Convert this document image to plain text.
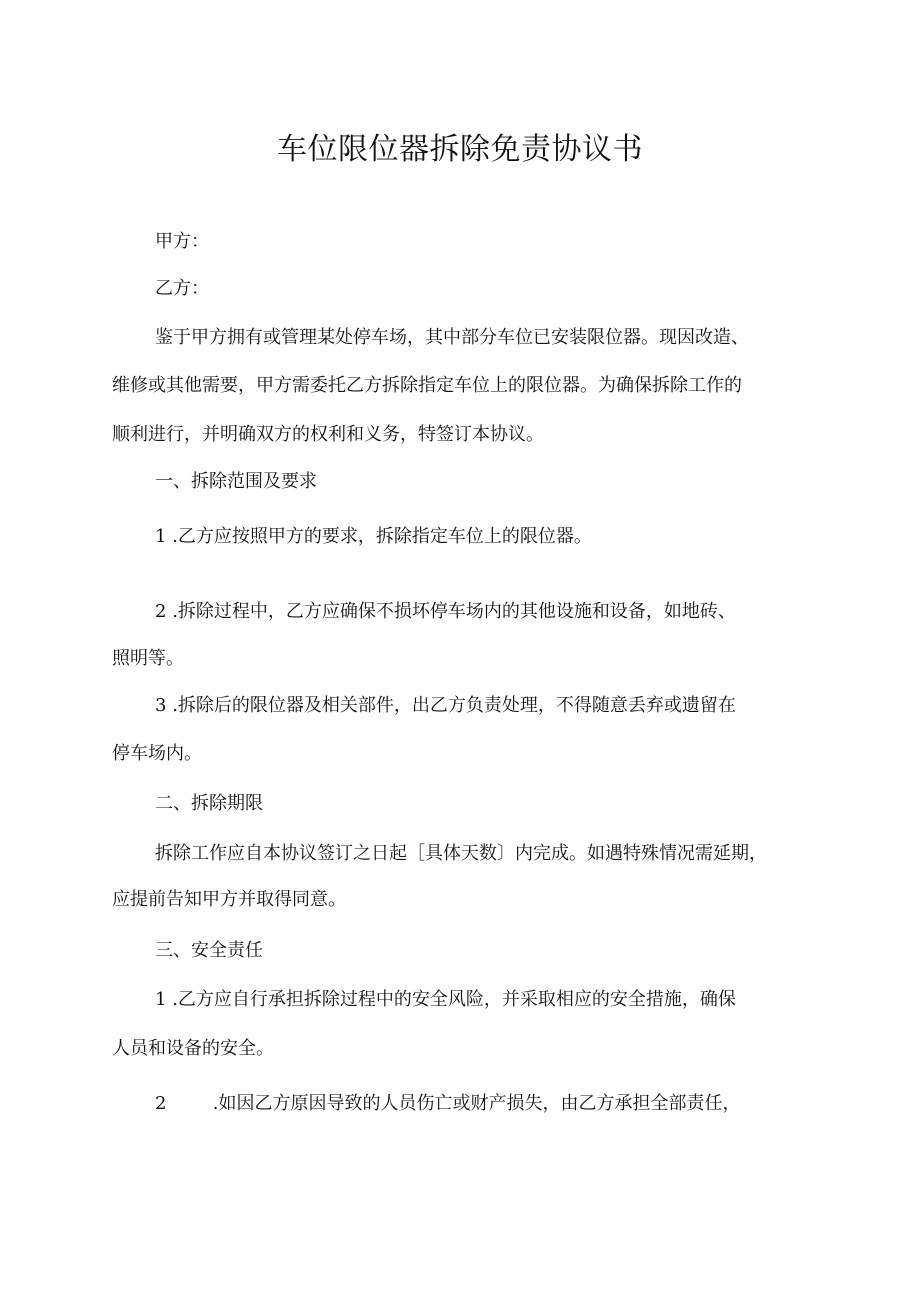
车位限位器拆除免责协议书
甲方：
乙方：
鉴于甲方拥有或管理某处停车场，其中部分车位已安装限位器。现因改造、
维修或其他需要，甲方需委托乙方拆除指定车位上的限位器。为确保拆除工作的
顺利进行，并明确双方的权利和义务，特签订本协议。
一、拆除范围及要求
1 .乙方应按照甲方的要求，拆除指定车位上的限位器。
2 .拆除过程中，乙方应确保不损坏停车场内的其他设施和设备，如地砖、
照明等。
3 .拆除后的限位器及相关部件，出乙方负责处理，不得随意丢弃或遗留在
停车场内。
二、拆除期限
拆除工作应自本协议签订之日起［具体天数〕内完成。如遇特殊情况需延期，
应提前告知甲方并取得同意。
三、安全责任
1 .乙方应自行承担拆除过程中的安全风险，并采取相应的安全措施，确保
人员和设备的安全。
2	.如因乙方原因导致的人员伤亡或财产损失，由乙方承担全部责任，
